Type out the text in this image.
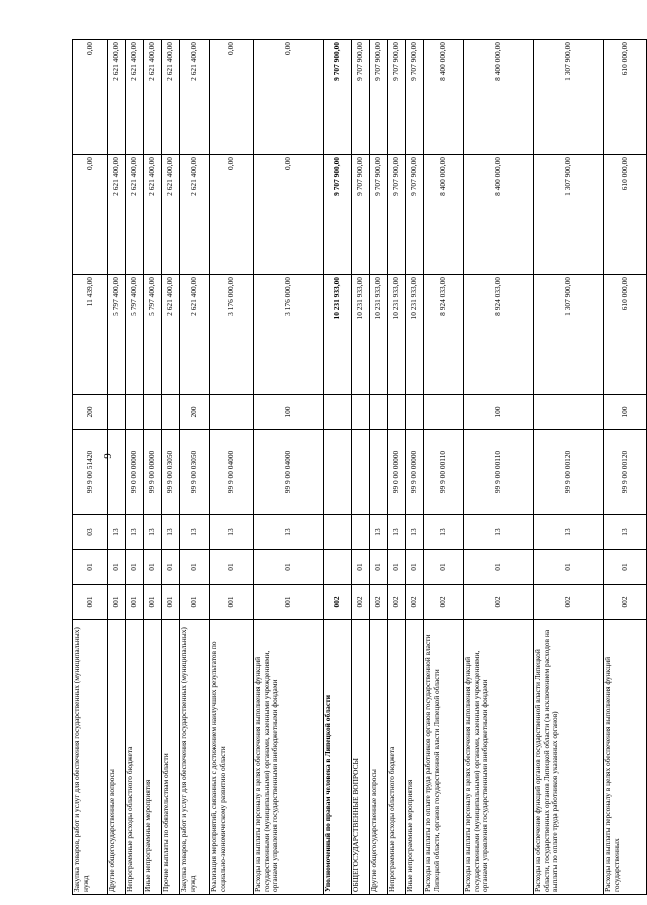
9
Закупка товаров, работ и услуг для обеспечения государственных (муниципальных) нужд	001	01	03	99 9 00 51420	200	11 439,00	0,00	0,00
Другие общегосударственные вопросы	001	01	13			5 797 400,00	2 621 400,00	2 621 400,00
Непрограммные расходы областного бюджета	001	01	13	99 0 00 00000		5 797 400,00	2 621 400,00	2 621 400,00
Иные непрограммные мероприятия	001	01	13	99 9 00 00000		5 797 400,00	2 621 400,00	2 621 400,00
Прочие выплаты по обязательствам области	001	01	13	99 9 00 03050		2 621 400,00	2 621 400,00	2 621 400,00
Закупка товаров, работ и услуг для обеспечения государственных (муниципальных) нужд	001	01	13	99 9 00 03050	200	2 621 400,00	2 621 400,00	2 621 400,00
Реализация мероприятий, связанных с достижением наилучших результатов по социально-экономическому развитию области	001	01	13	99 9 00 04000		3 176 000,00	0,00	0,00
Расходы на выплаты персоналу в целях обеспечения выполнения функций государственными (муниципальными) органами, казенными учреждениями, органами управления государственными внебюджетными фондами	001	01	13	99 9 00 04000	100	3 176 000,00	0,00	0,00
Уполномоченный по правам человека в Липецкой области	002					10 231 933,00	9 707 900,00	9 707 900,00
ОБЩЕГОСУДАРСТВЕННЫЕ ВОПРОСЫ	002	01				10 231 933,00	9 707 900,00	9 707 900,00
Другие общегосударственные вопросы	002	01	13			10 231 933,00	9 707 900,00	9 707 900,00
Непрограммные расходы областного бюджета	002	01	13	99 0 00 00000		10 231 933,00	9 707 900,00	9 707 900,00
Иные непрограммные мероприятия	002	01	13	99 9 00 00000		10 231 933,00	9 707 900,00	9 707 900,00
Расходы на выплаты по оплате труда работников органов государственной власти Липецкой области, органов государственной власти Липецкой области	002	01	13	99 9 00 00110		8 924 033,00	8 400 000,00	8 400 000,00
Расходы на выплаты персоналу в целях обеспечения выполнения функций государственными (муниципальными) органами, казенными учреждениями, органами управления государственными внебюджетными фондами	002	01	13	99 9 00 00110	100	8 924 033,00	8 400 000,00	8 400 000,00
Расходы на обеспечение функций органов государственной власти Липецкой области, государственных органов Липецкой области (за исключением расходов на выплаты по оплате труда работников указанных органов)	002	01	13	99 9 00 00120		1 307 900,00	1 307 900,00	1 307 900,00
Расходы на выплаты персоналу в целях обеспечения выполнения функций государственных	002	01	13	99 9 00 00120	100	610 000,00	610 000,00	610 000,00
